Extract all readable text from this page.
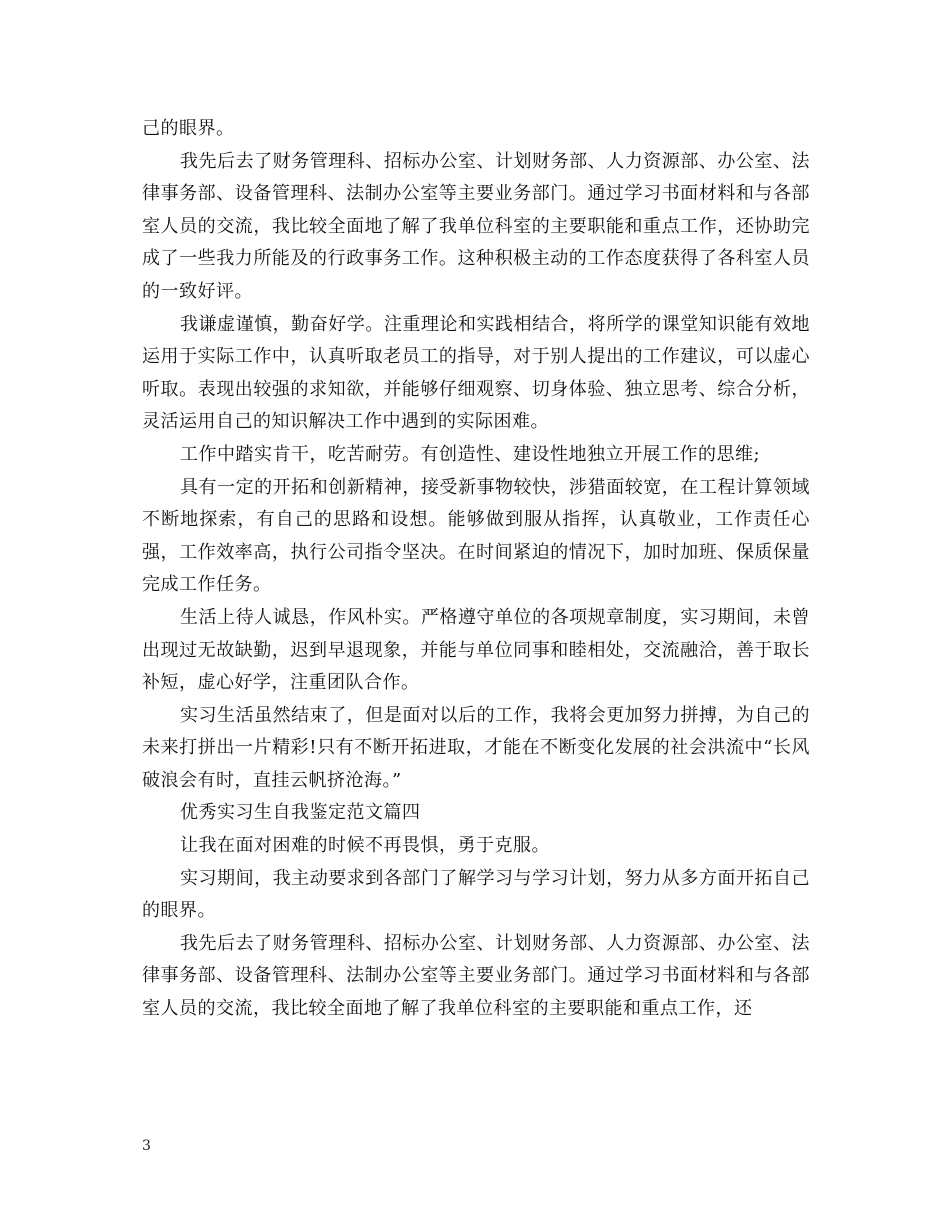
己的眼界。

我先后去了财务管理科、招标办公室、计划财务部、人力资源部、办公室、法律事务部、设备管理科、法制办公室等主要业务部门。通过学习书面材料和与各部室人员的交流，我比较全面地了解了我单位科室的主要职能和重点工作，还协助完成了一些我力所能及的行政事务工作。这种积极主动的工作态度获得了各科室人员的一致好评。

我谦虚谨慎，勤奋好学。注重理论和实践相结合，将所学的课堂知识能有效地运用于实际工作中，认真听取老员工的指导，对于别人提出的工作建议，可以虚心听取。表现出较强的求知欲，并能够仔细观察、切身体验、独立思考、综合分析，灵活运用自己的知识解决工作中遇到的实际困难。

工作中踏实肯干，吃苦耐劳。有创造性、建设性地独立开展工作的思维;

具有一定的开拓和创新精神，接受新事物较快，涉猎面较宽，在工程计算领域不断地探索，有自己的思路和设想。能够做到服从指挥，认真敬业，工作责任心强，工作效率高，执行公司指令坚决。在时间紧迫的情况下，加时加班、保质保量完成工作任务。

生活上待人诚恳，作风朴实。严格遵守单位的各项规章制度，实习期间，未曾出现过无故缺勤，迟到早退现象，并能与单位同事和睦相处，交流融洽，善于取长补短，虚心好学，注重团队合作。

实习生活虽然结束了，但是面对以后的工作，我将会更加努力拼搏，为自己的未来打拼出一片精彩!只有不断开拓进取，才能在不断变化发展的社会洪流中“长风破浪会有时，直挂云帆挤沧海。”

优秀实习生自我鉴定范文篇四

让我在面对困难的时候不再畏惧，勇于克服。

实习期间，我主动要求到各部门了解学习与学习计划，努力从多方面开拓自己的眼界。

我先后去了财务管理科、招标办公室、计划财务部、人力资源部、办公室、法律事务部、设备管理科、法制办公室等主要业务部门。通过学习书面材料和与各部室人员的交流，我比较全面地了解了我单位科室的主要职能和重点工作，还

3
